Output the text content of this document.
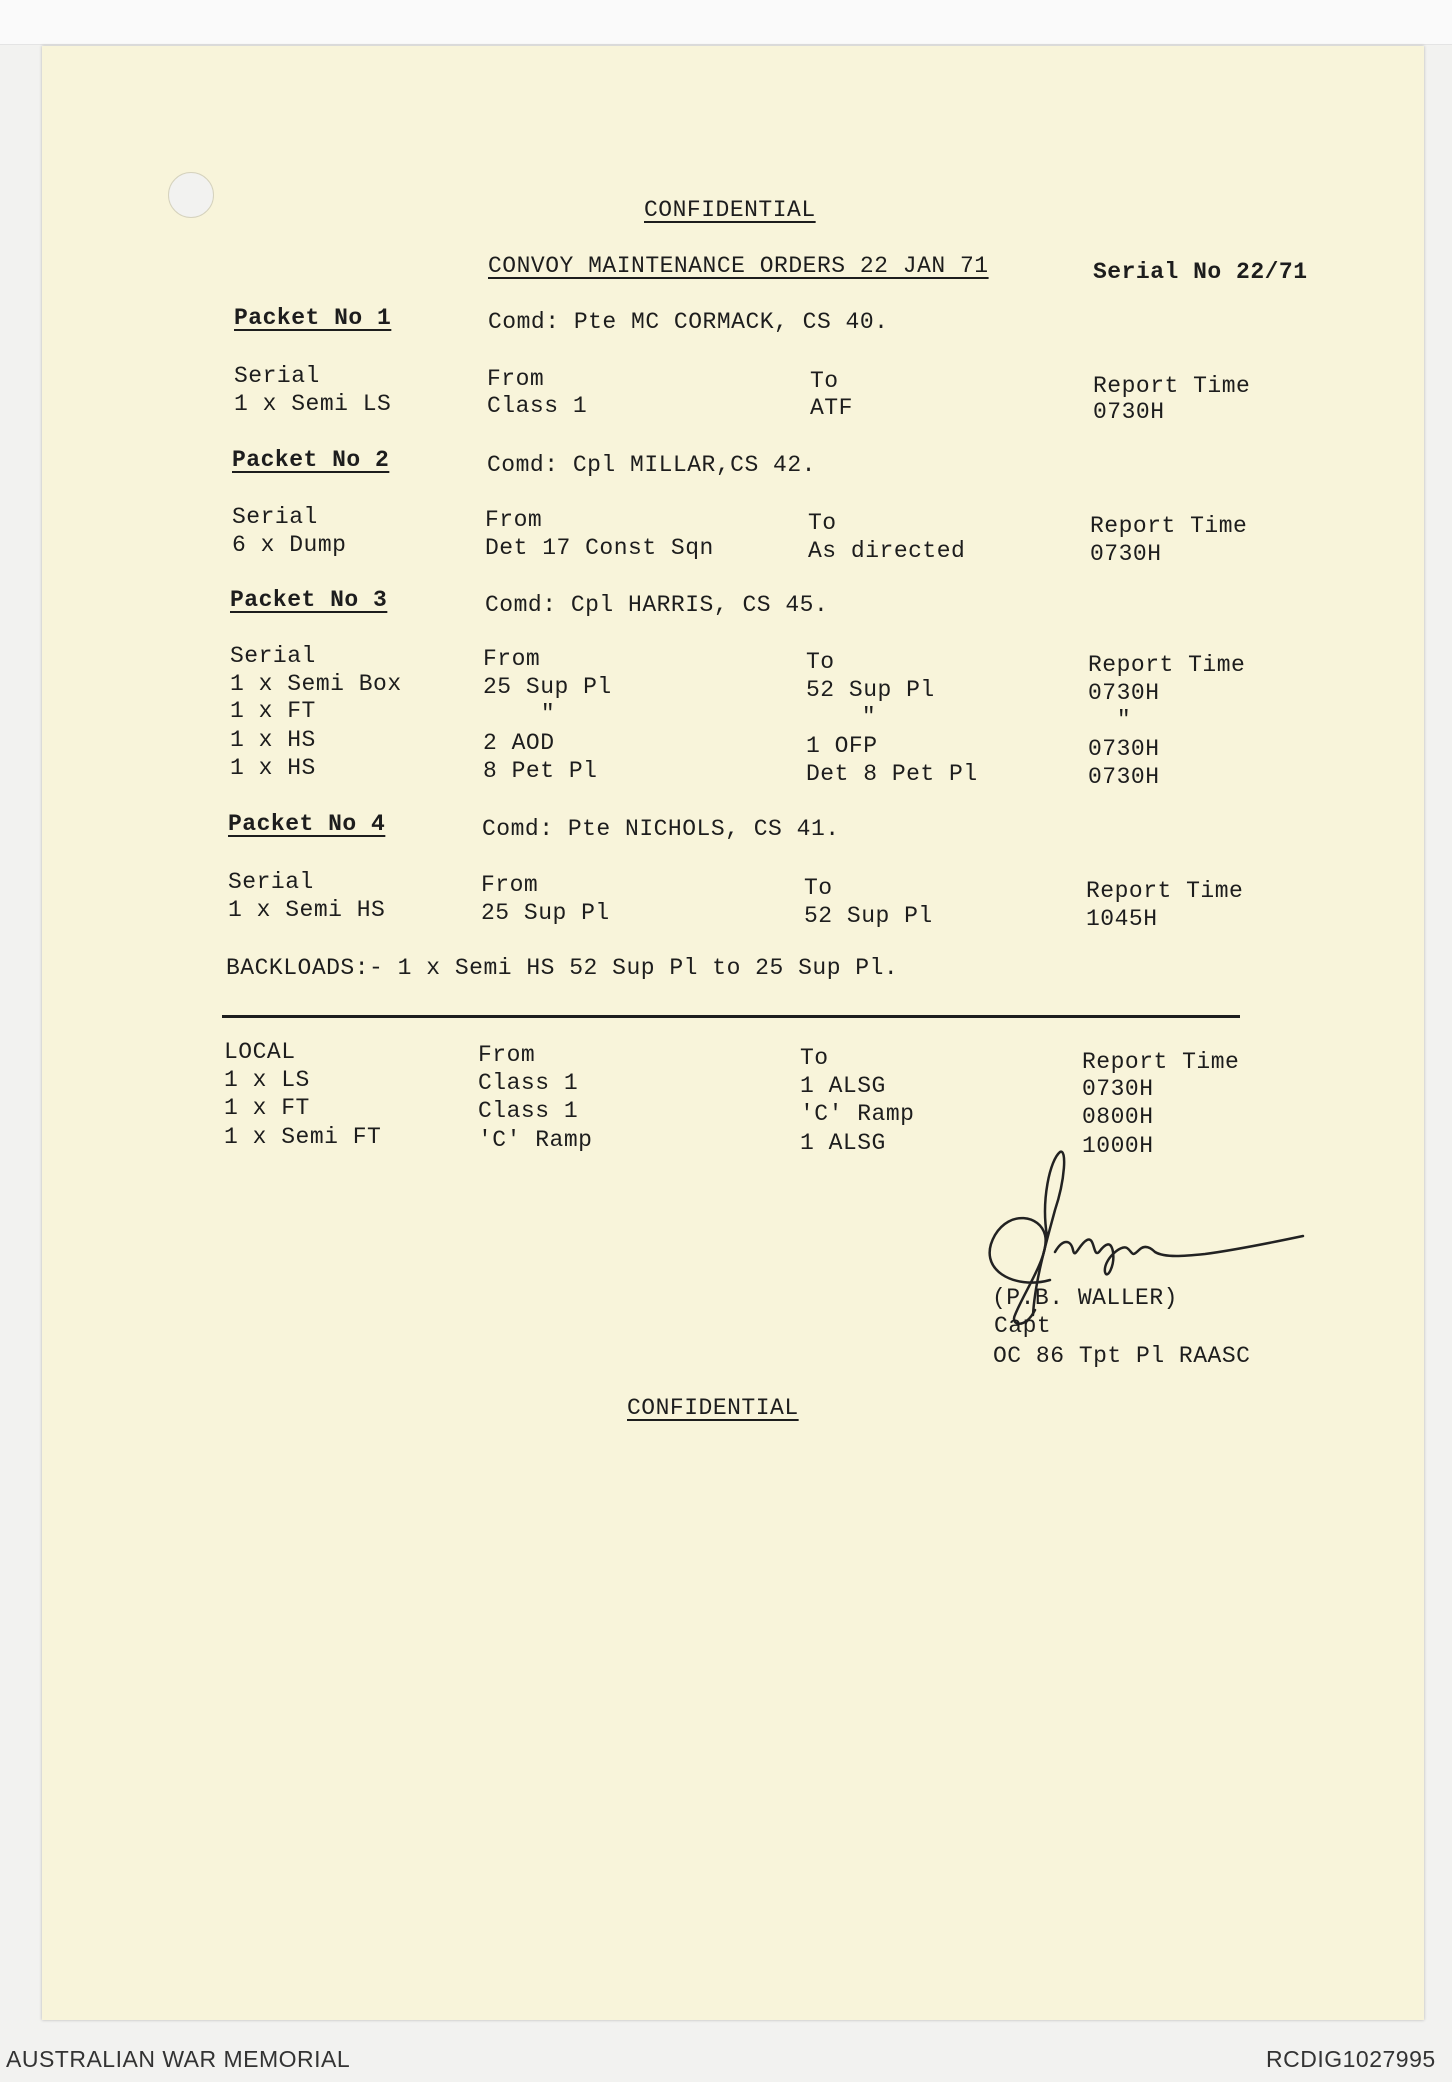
CONFIDENTIAL
CONVOY MAINTENANCE ORDERS 22 JAN 71	Serial No 22/71
Packet No 1	Comd: Pte MC CORMACK, CS 40.
Serial	From	To	Report Time
1 x Semi LS	Class 1	ATF	0730H
Packet No 2	Comd: Cpl MILLAR,CS 42.
Serial	From	To	Report Time
6 x Dump	Det 17 Const Sqn	As directed	0730H
Packet No 3	Comd: Cpl HARRIS, CS 45.
Serial	From	To	Report Time
1 x Semi Box	25 Sup Pl	52 Sup Pl	0730H
1 x FT	"	"	"
1 x HS	2 AOD	1 OFP	0730H
1 x HS	8 Pet Pl	Det 8 Pet Pl	0730H
Packet No 4	Comd: Pte NICHOLS, CS 41.
Serial	From	To	Report Time
1 x Semi HS	25 Sup Pl	52 Sup Pl	1045H
BACKLOADS:- 1 x Semi HS 52 Sup Pl to 25 Sup Pl.
LOCAL	From	To	Report Time
1 x LS	Class 1	1 ALSG	0730H
1 x FT	Class 1	'C' Ramp	0800H
1 x Semi FT	'C' Ramp	1 ALSG	1000H
(P.B. WALLER)
Capt
OC 86 Tpt Pl RAASC
CONFIDENTIAL
AUSTRALIAN WAR MEMORIAL	RCDIG1027995
